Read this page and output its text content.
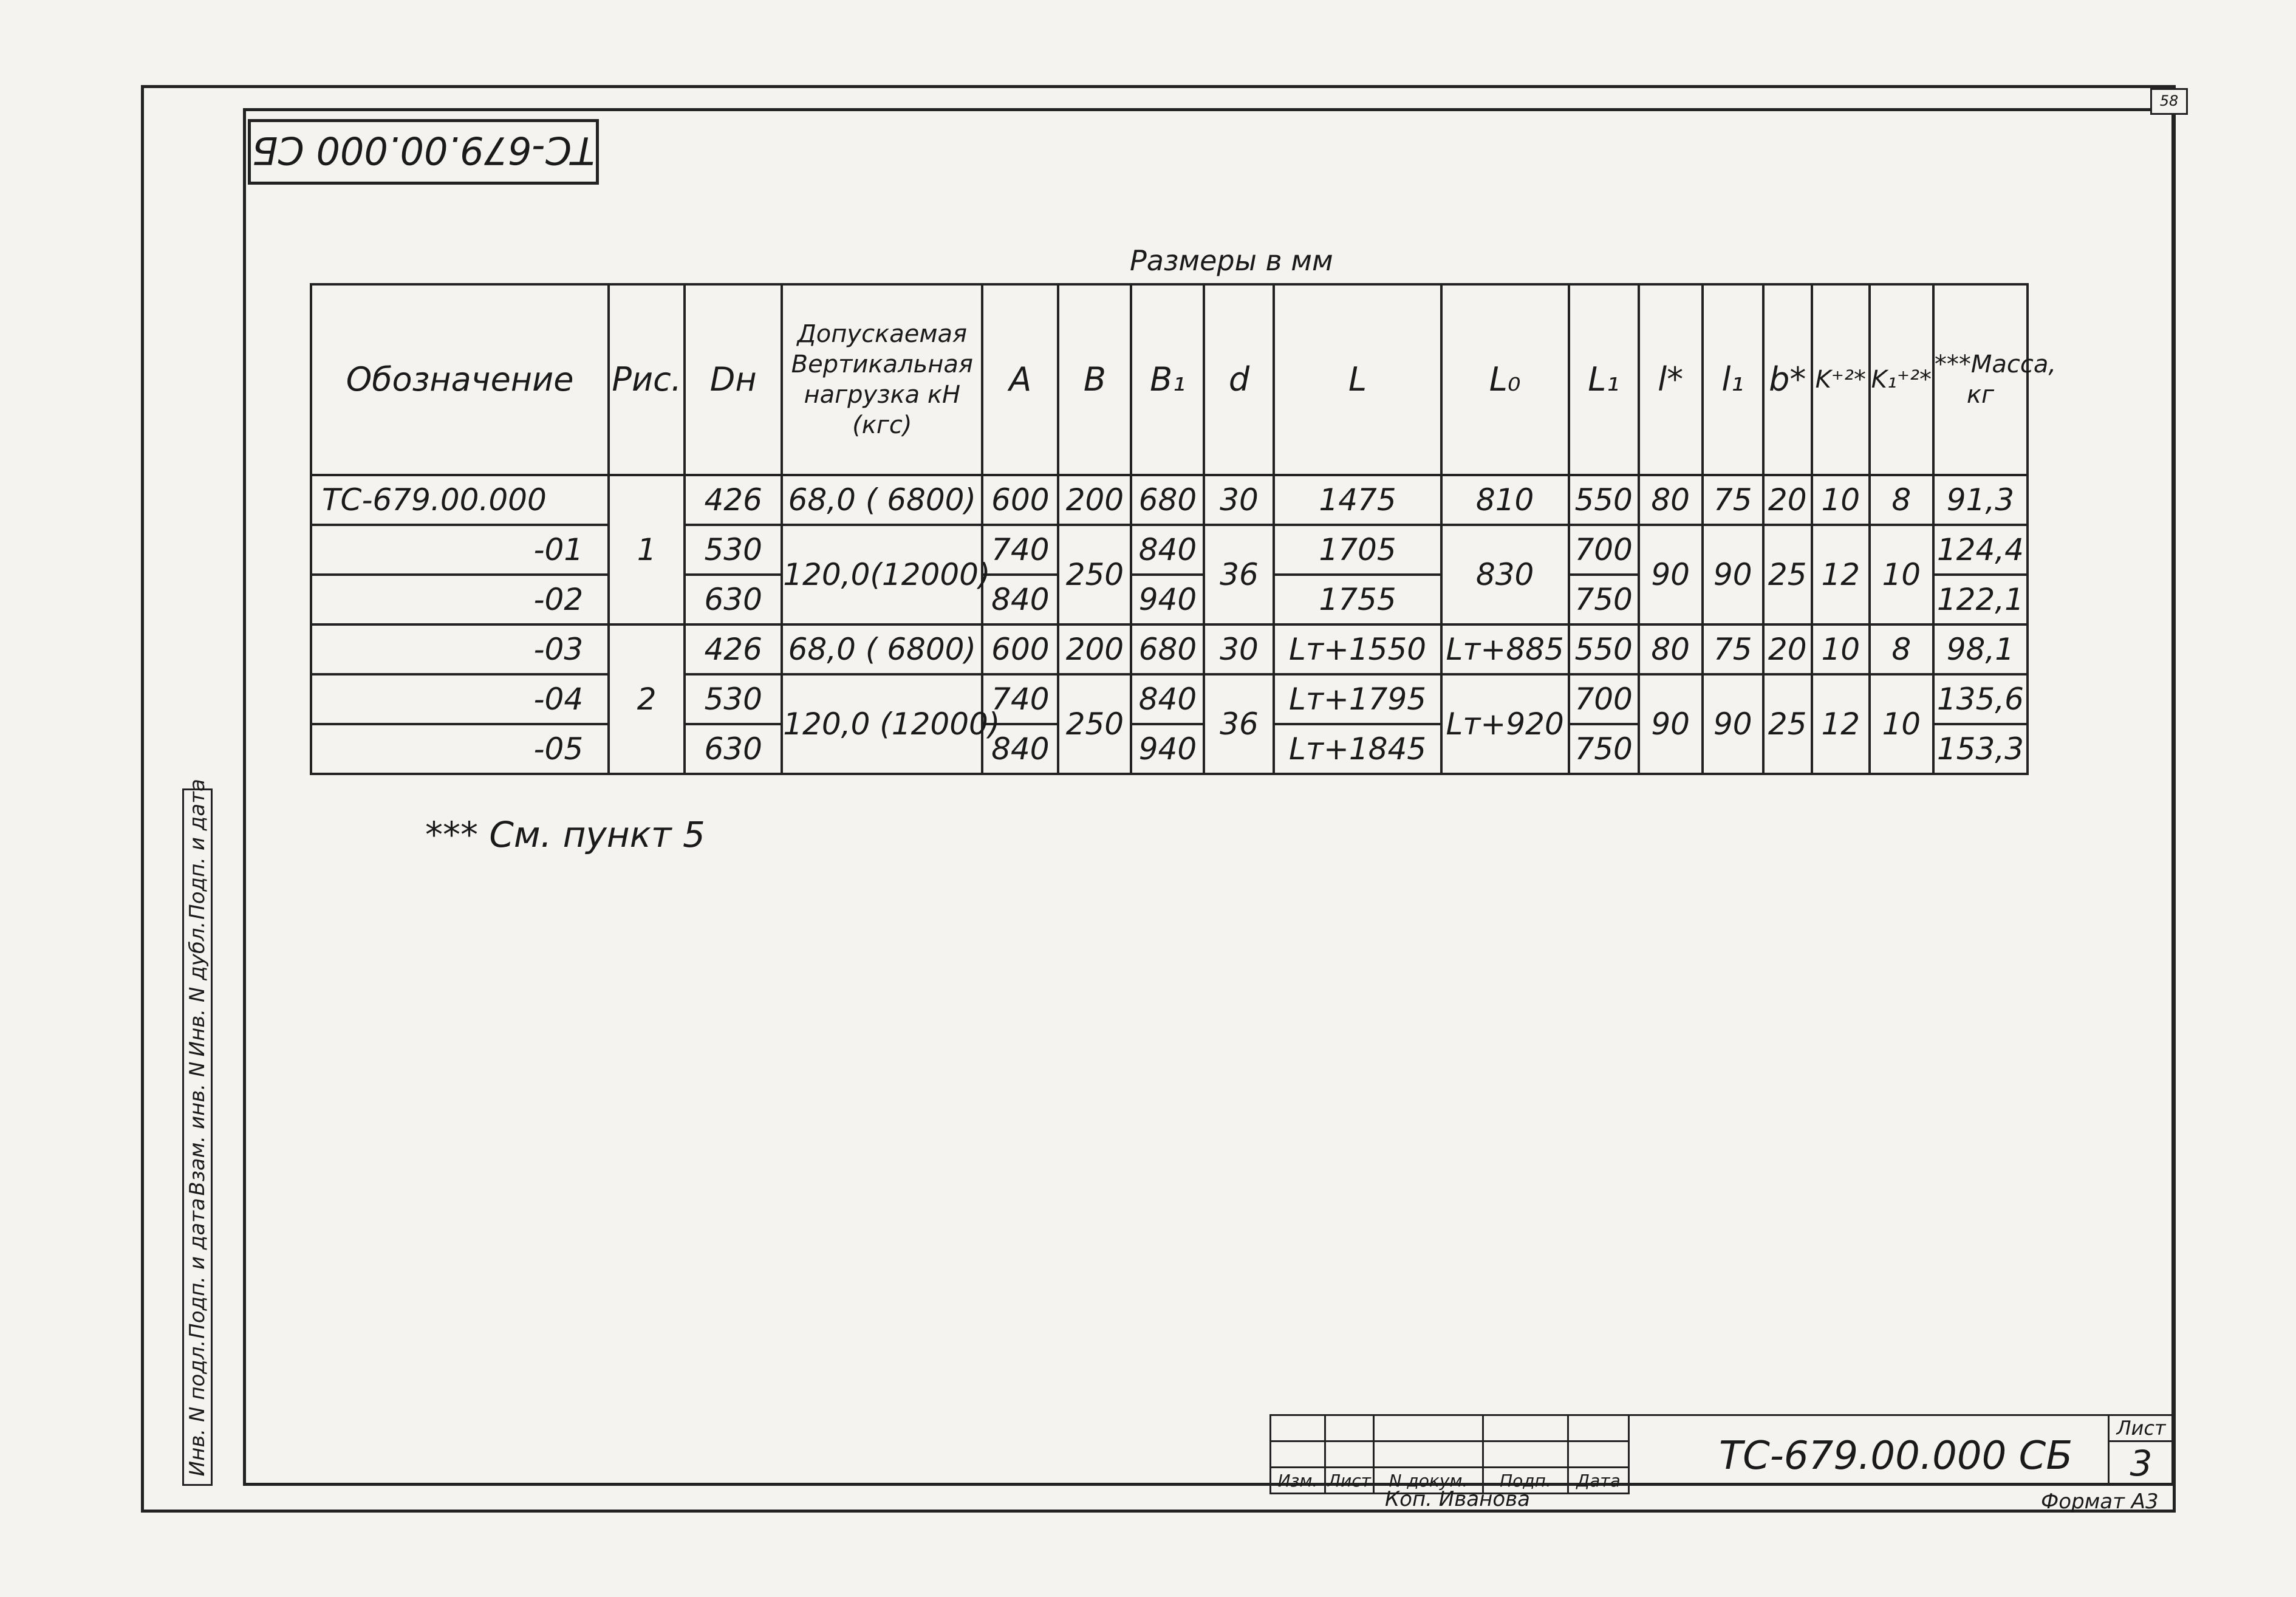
58
ТС-679.00.000 СБ
Размеры в мм
Обозначение	Рис.	Dн	Допускаемая Вертикальная нагрузка кН (кгс)	A	B	B₁	d	L	L₀	L₁	l*	l₁	b*	K⁺²*	K₁⁺²*	***Масса, кг
ТС-679.00.000	1	426	68,0 ( 6800)	600	200	680	30	1475	810	550	80	75	20	10	8	91,3
-01		530	120,0(12000)	740	250	840	36	1705	830	700	90	90	25	12	10	124,4
-02		630		840		940		1755		750						122,1
-03	2	426	68,0 ( 6800)	600	200	680	30	Lт+1550	Lт+885	550	80	75	20	10	8	98,1
-04		530	120,0 (12000)	740	250	840	36	Lт+1795	Lт+920	700	90	90	25	12	10	135,6
-05		630		840		940		Lт+1845		750						153,3
*** См. пункт 5
Подп. и дата
Инв. N дубл.
Взам. инв. N
Подп. и дата
Инв. N подл.

Изм.	Лист	N докум.	Подп.	Дата
ТС-679.00.000 СБ
Лист
3
Коп. Иванова	Формат А3
